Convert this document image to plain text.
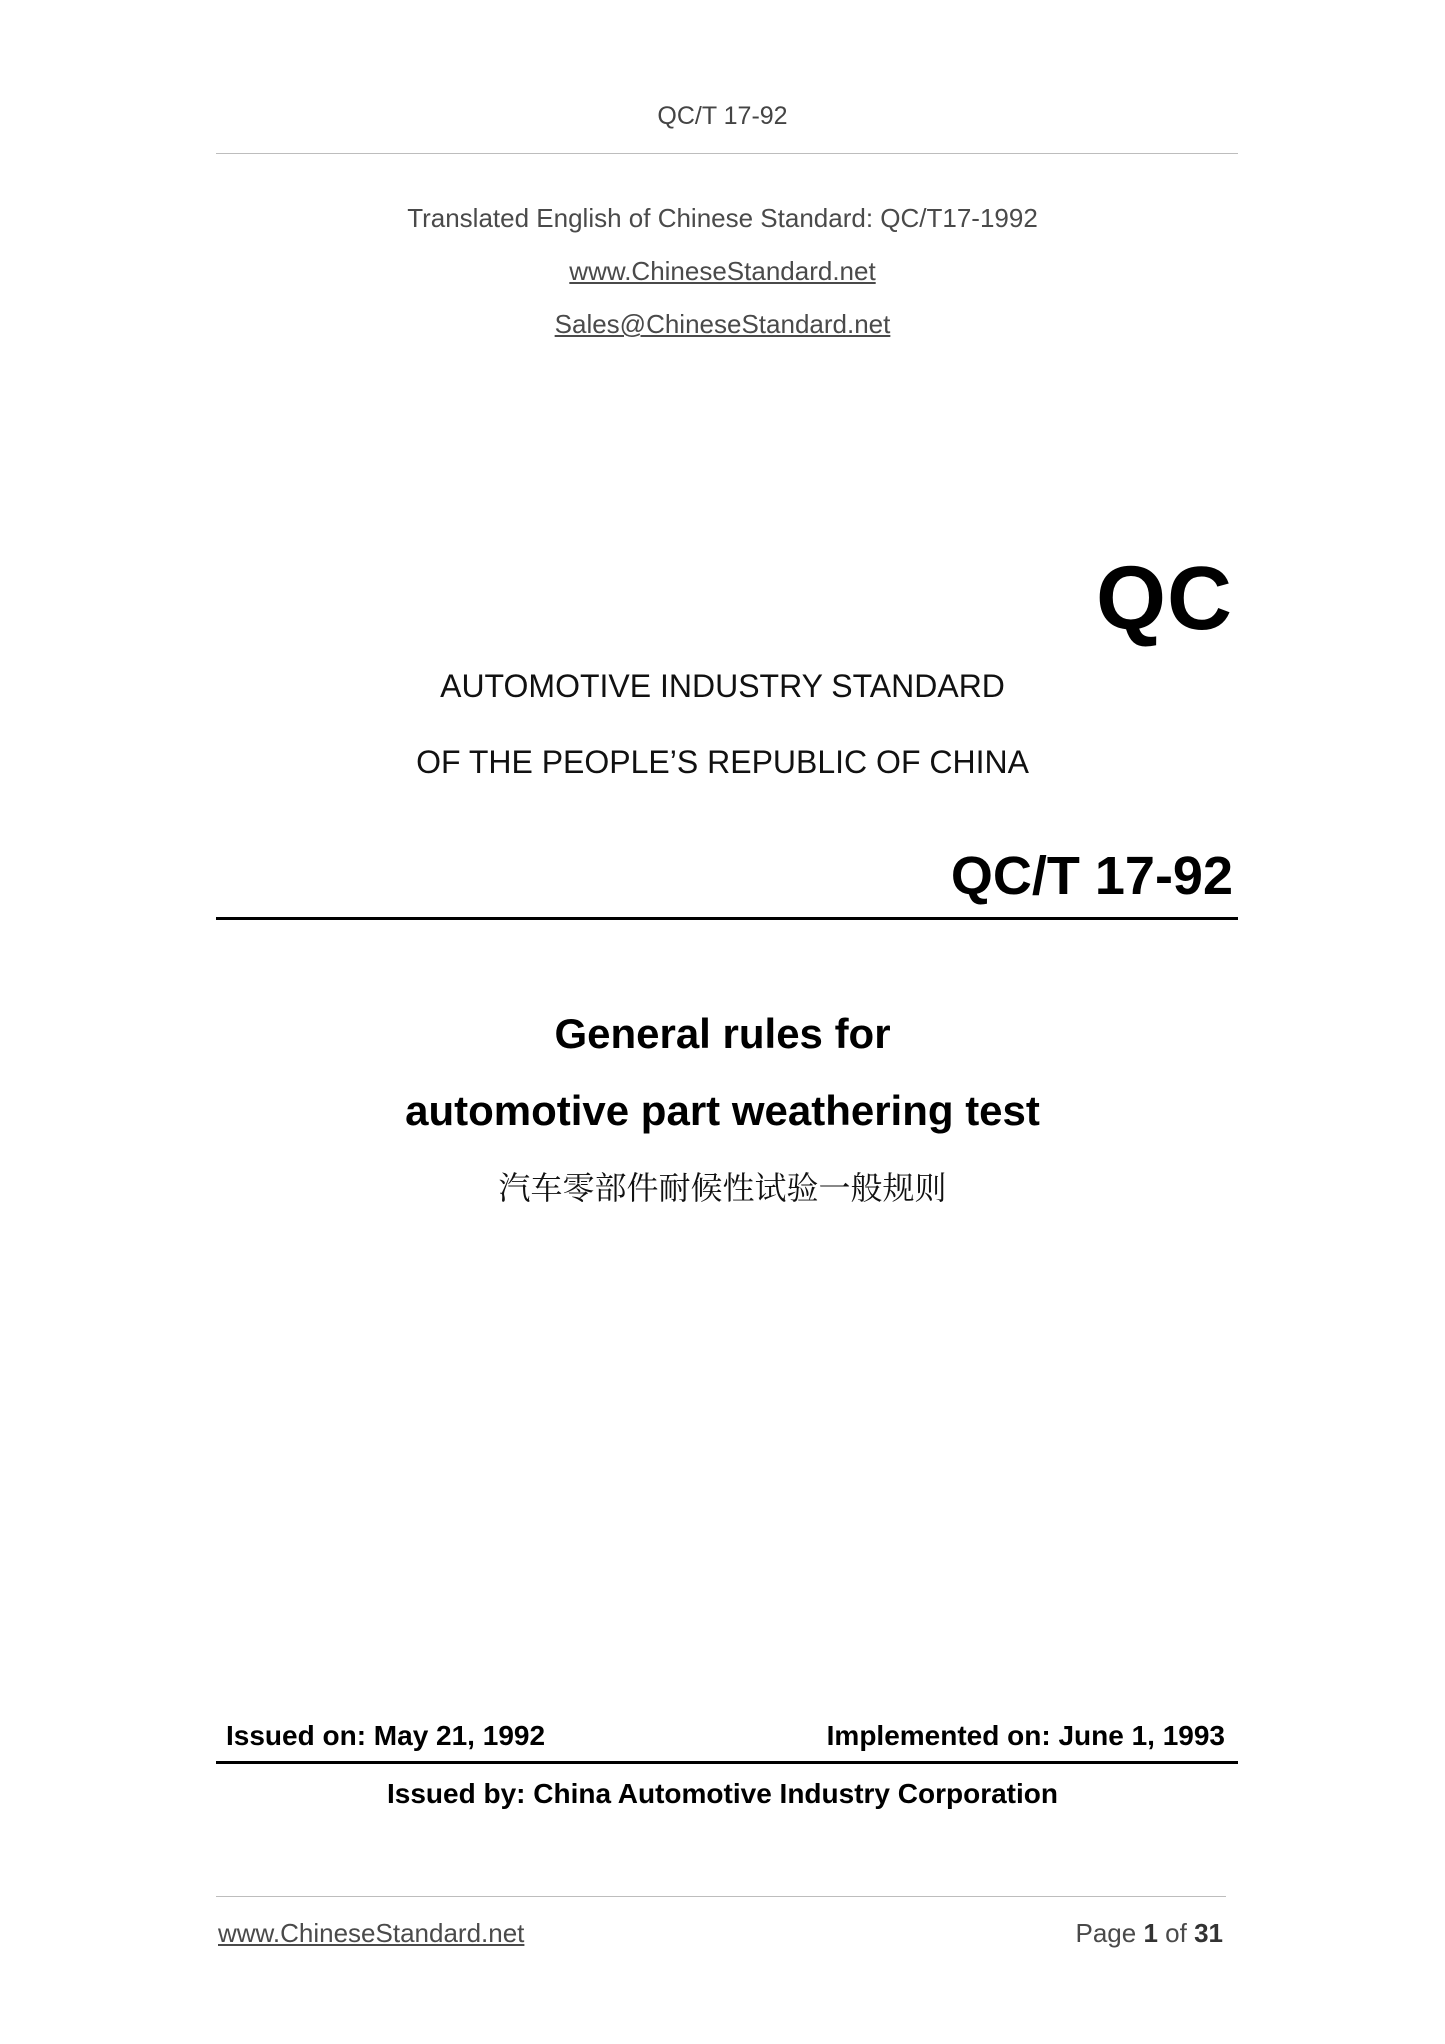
QC/T 17-92
Translated English of Chinese Standard: QC/T17-1992
www.ChineseStandard.net
Sales@ChineseStandard.net
QC
AUTOMOTIVE INDUSTRY STANDARD
OF THE PEOPLE’S REPUBLIC OF CHINA
QC/T 17-92
General rules for
automotive part weathering test
汽车零部件耐候性试验一般规则
Issued on: May 21, 1992	Implemented on: June 1, 1993
Issued by: China Automotive Industry Corporation
www.ChineseStandard.net	Page 1 of 31
